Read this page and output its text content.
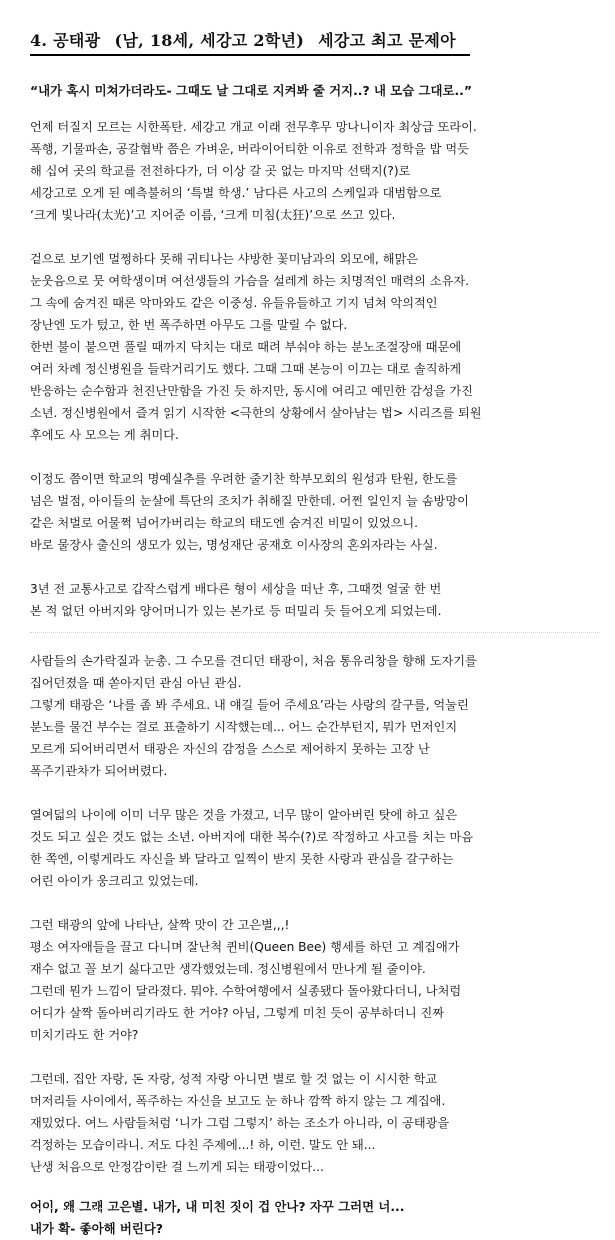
4. 공태광 (남, 18세, 세강고 2학년) 세강고 최고 문제아
“내가 혹시 미쳐가더라도- 그때도 날 그대로 지켜봐 줄 거지..? 내 모습 그대로..”
언제 터질지 모르는 시한폭탄. 세강고 개교 이래 전무후무 망나니이자 최상급 또라이.
폭행, 기물파손, 공갈협박 쯤은 가벼운, 버라이어티한 이유로 전학과 정학을 밥 먹듯
해 십여 곳의 학교를 전전하다가, 더 이상 갈 곳 없는 마지막 선택지(?)로
세강고로 오게 된 예측불허의 ‘특별 학생.’ 남다른 사고의 스케일과 대범함으로
‘크게 빛나라(太光)’고 지어준 이름, ‘크게 미침(太狂)’으로 쓰고 있다.
겉으로 보기엔 멀쩡하다 못해 귀티나는 샤방한 꽃미남과의 외모에, 해맑은
눈웃음으로 뭇 여학생이며 여선생들의 가슴을 설레게 하는 치명적인 매력의 소유자.
그 속에 숨겨진 때론 악마와도 같은 이중성. 유들유들하고 기지 넘쳐 악의적인
장난엔 도가 텄고, 한 번 폭주하면 아무도 그를 말릴 수 없다.
한번 불이 붙으면 풀릴 때까지 닥치는 대로 때려 부숴야 하는 분노조절장애 때문에
여러 차례 정신병원을 들락거리기도 했다. 그때 그때 본능이 이끄는 대로 솔직하게
반응하는 순수함과 천진난만함을 가진 듯 하지만, 동시에 여리고 예민한 감성을 가진
소년. 정신병원에서 즐겨 읽기 시작한 <극한의 상황에서 살아남는 법> 시리즈를 퇴원
후에도 사 모으는 게 취미다.
이정도 쯤이면 학교의 명예실추를 우려한 줄기찬 학부모회의 원성과 탄원, 한도를
넘은 벌점, 아이들의 눈살에 특단의 조치가 취해질 만한데. 어쩐 일인지 늘 솜방망이
같은 처벌로 어물쩍 넘어가버리는 학교의 태도엔 숨겨진 비밀이 있었으니.
바로 물장사 출신의 생모가 있는, 명성재단 공재호 이사장의 혼외자라는 사실.
3년 전 교통사고로 갑작스럽게 배다른 형이 세상을 떠난 후, 그때껏 얼굴 한 번
본 적 없던 아버지와 양어머니가 있는 본가로 등 떠밀리 듯 들어오게 되었는데.
사람들의 손가락질과 눈총. 그 수모를 견디던 태광이, 처음 통유리창을 향해 도자기를
집어던졌을 때 쏟아지던 관심 아닌 관심.
그렇게 태광은 ‘나를 좀 봐 주세요. 내 얘길 들어 주세요’라는 사랑의 갈구를, 억눌린
분노를 물건 부수는 걸로 표출하기 시작했는데... 어느 순간부턴지, 뭐가 먼저인지
모르게 되어버리면서 태광은 자신의 감정을 스스로 제어하지 못하는 고장 난
폭주기관차가 되어버렸다.
열여덟의 나이에 이미 너무 많은 것을 가졌고, 너무 많이 알아버린 탓에 하고 싶은
것도 되고 싶은 것도 없는 소년. 아버지에 대한 복수(?)로 작정하고 사고를 치는 마음
한 쪽엔, 이렇게라도 자신을 봐 달라고 일찍이 받지 못한 사랑과 관심을 갈구하는
어린 아이가 웅크리고 있었는데.
그런 태광의 앞에 나타난, 살짝 맛이 간 고은별,,,!
평소 여자애들을 끌고 다니며 잘난척 퀸비(Queen Bee) 행세를 하던 고 계집애가
재수 없고 꼴 보기 싫다고만 생각했었는데. 정신병원에서 만나게 될 줄이야.
그런데 뭔가 느낌이 달라졌다. 뭐야. 수학여행에서 실종됐다 돌아왔다더니, 나처럼
어디가 살짝 돌아버리기라도 한 거야? 아님, 그렇게 미친 듯이 공부하더니 진짜
미치기라도 한 거야?
그런데. 집안 자랑, 돈 자랑, 성적 자랑 아니면 별로 할 것 없는 이 시시한 학교
머저리들 사이에서, 폭주하는 자신을 보고도 눈 하나 깜짝 하지 않는 그 계집애.
재밌었다. 여느 사람들처럼 ‘니가 그럼 그렇지’ 하는 조소가 아니라, 이 공태광을
걱정하는 모습이라니. 저도 다친 주제에...! 하, 이런. 말도 안 돼...
난생 처음으로 안정감이란 걸 느끼게 되는 태광이었다...
어이, 왜 그래 고은별. 내가, 내 미친 짓이 겁 안나? 자꾸 그러면 너...
내가 확- 좋아해 버린다?
